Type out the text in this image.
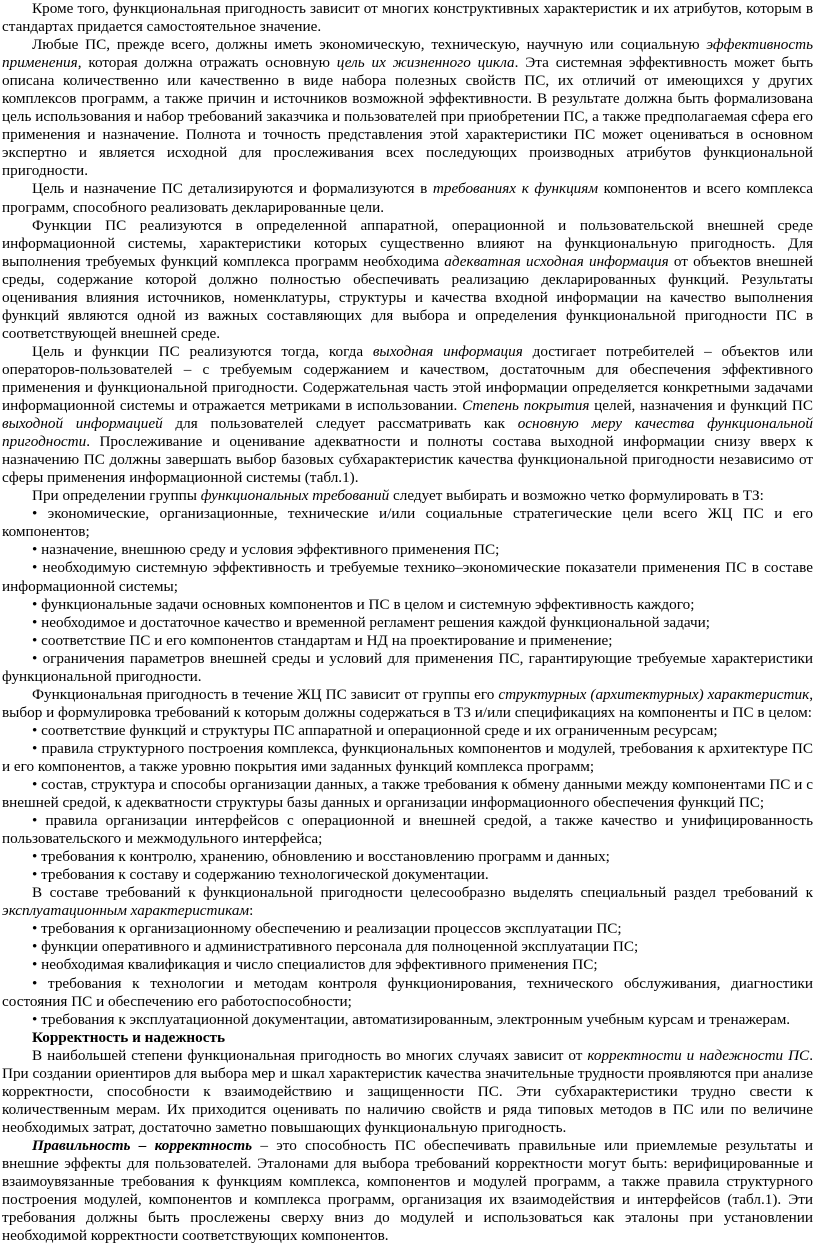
Кроме того, функциональная пригодность зависит от многих конструктивных характеристик и их атрибутов, которым в стандартах придается самостоятельное значение.

Любые ПС, прежде всего, должны иметь экономическую, техническую, научную или социальную эффективность применения, которая должна отражать основную цель их жизненного цикла. Эта системная эффективность может быть описана количественно или качественно в виде набора полезных свойств ПС, их отличий от имеющихся у других комплексов программ, а также причин и источников возможной эффективности. В результате должна быть формализована цель использования и набор требований заказчика и пользователей при приобретении ПС, а также предполагаемая сфера его применения и назначение. Полнота и точность представления этой характеристики ПС может оцениваться в основном экспертно и является исходной для прослеживания всех последующих производных атрибутов функциональной пригодности.

Цель и назначение ПС детализируются и формализуются в требованиях к функциям компонентов и всего комплекса программ, способного реализовать декларированные цели.

Функции ПС реализуются в определенной аппаратной, операционной и пользовательской внешней среде информационной системы, характеристики которых существенно влияют на функциональную пригодность. Для выполнения требуемых функций комплекса программ необходима адекватная исходная информация от объектов внешней среды, содержание которой должно полностью обеспечивать реализацию декларированных функций. Результаты оценивания влияния источников, номенклатуры, структуры и качества входной информации на качество выполнения функций являются одной из важных составляющих для выбора и определения функциональной пригодности ПС в соответствующей внешней среде.

Цель и функции ПС реализуются тогда, когда выходная информация достигает потребителей – объектов или операторов-пользователей – с требуемым содержанием и качеством, достаточным для обеспечения эффективного применения и функциональной пригодности. Содержательная часть этой информации определяется конкретными задачами информационной системы и отражается метриками в использовании. Степень покрытия целей, назначения и функций ПС выходной информацией для пользователей следует рассматривать как основную меру качества функциональной пригодности. Прослеживание и оценивание адекватности и полноты состава выходной информации снизу вверх к назначению ПС должны завершать выбор базовых субхарактеристик качества функциональной пригодности независимо от сферы применения информационной системы (табл.1).

При определении группы функциональных требований следует выбирать и возможно четко формулировать в ТЗ:

• экономические, организационные, технические и/или социальные стратегические цели всего ЖЦ ПС и его компонентов;

• назначение, внешнюю среду и условия эффективного применения ПС;

• необходимую системную эффективность и требуемые технико–экономические показатели применения ПС в составе информационной системы;

• функциональные задачи основных компонентов и ПС в целом и системную эффективность каждого;

• необходимое и достаточное качество и временной регламент решения каждой функциональной задачи;

• соответствие ПС и его компонентов стандартам и НД на проектирование и применение;

• ограничения параметров внешней среды и условий для применения ПС, гарантирующие требуемые характеристики функциональной пригодности.

Функциональная пригодность в течение ЖЦ ПС зависит от группы его структурных (архитектурных) характеристик, выбор и формулировка требований к которым должны содержаться в ТЗ и/или спецификациях на компоненты и ПС в целом:

• соответствие функций и структуры ПС аппаратной и операционной среде и их ограниченным ресурсам;

• правила структурного построения комплекса, функциональных компонентов и модулей, требования к архитектуре ПС и его компонентов, а также уровню покрытия ими заданных функций комплекса программ;

• состав, структура и способы организации данных, а также требования к обмену данными между компонентами ПС и с внешней средой, к адекватности структуры базы данных и организации информационного обеспечения функций ПС;

• правила организации интерфейсов с операционной и внешней средой, а также качество и унифицированность пользовательского и межмодульного интерфейса;

• требования к контролю, хранению, обновлению и восстановлению программ и данных;

• требования к составу и содержанию технологической документации.

В составе требований к функциональной пригодности целесообразно выделять специальный раздел требований к эксплуатационным характеристикам:

• требования к организационному обеспечению и реализации процессов эксплуатации ПС;

• функции оперативного и административного персонала для полноценной эксплуатации ПС;

• необходимая квалификация и число специалистов для эффективного применения ПС;

• требования к технологии и методам контроля функционирования, технического обслуживания, диагностики состояния ПС и обеспечению его работоспособности;

• требования к эксплуатационной документации, автоматизированным, электронным учебным курсам и тренажерам.

Корректность и надежность

В наибольшей степени функциональная пригодность во многих случаях зависит от корректности и надежности ПС. При создании ориентиров для выбора мер и шкал характеристик качества значительные трудности проявляются при анализе корректности, способности к взаимодействию и защищенности ПС. Эти субхарактеристики трудно свести к количественным мерам. Их приходится оценивать по наличию свойств и ряда типовых методов в ПС или по величине необходимых затрат, достаточно заметно повышающих функциональную пригодность.

Правильность – корректность – это способность ПС обеспечивать правильные или приемлемые результаты и внешние эффекты для пользователей. Эталонами для выбора требований корректности могут быть: верифицированные и взаимоувязанные требования к функциям комплекса, компонентов и модулей программ, а также правила структурного построения модулей, компонентов и комплекса программ, организация их взаимодействия и интерфейсов (табл.1). Эти требования должны быть прослежены сверху вниз до модулей и использоваться как эталоны при установлении необходимой корректности соответствующих компонентов.
